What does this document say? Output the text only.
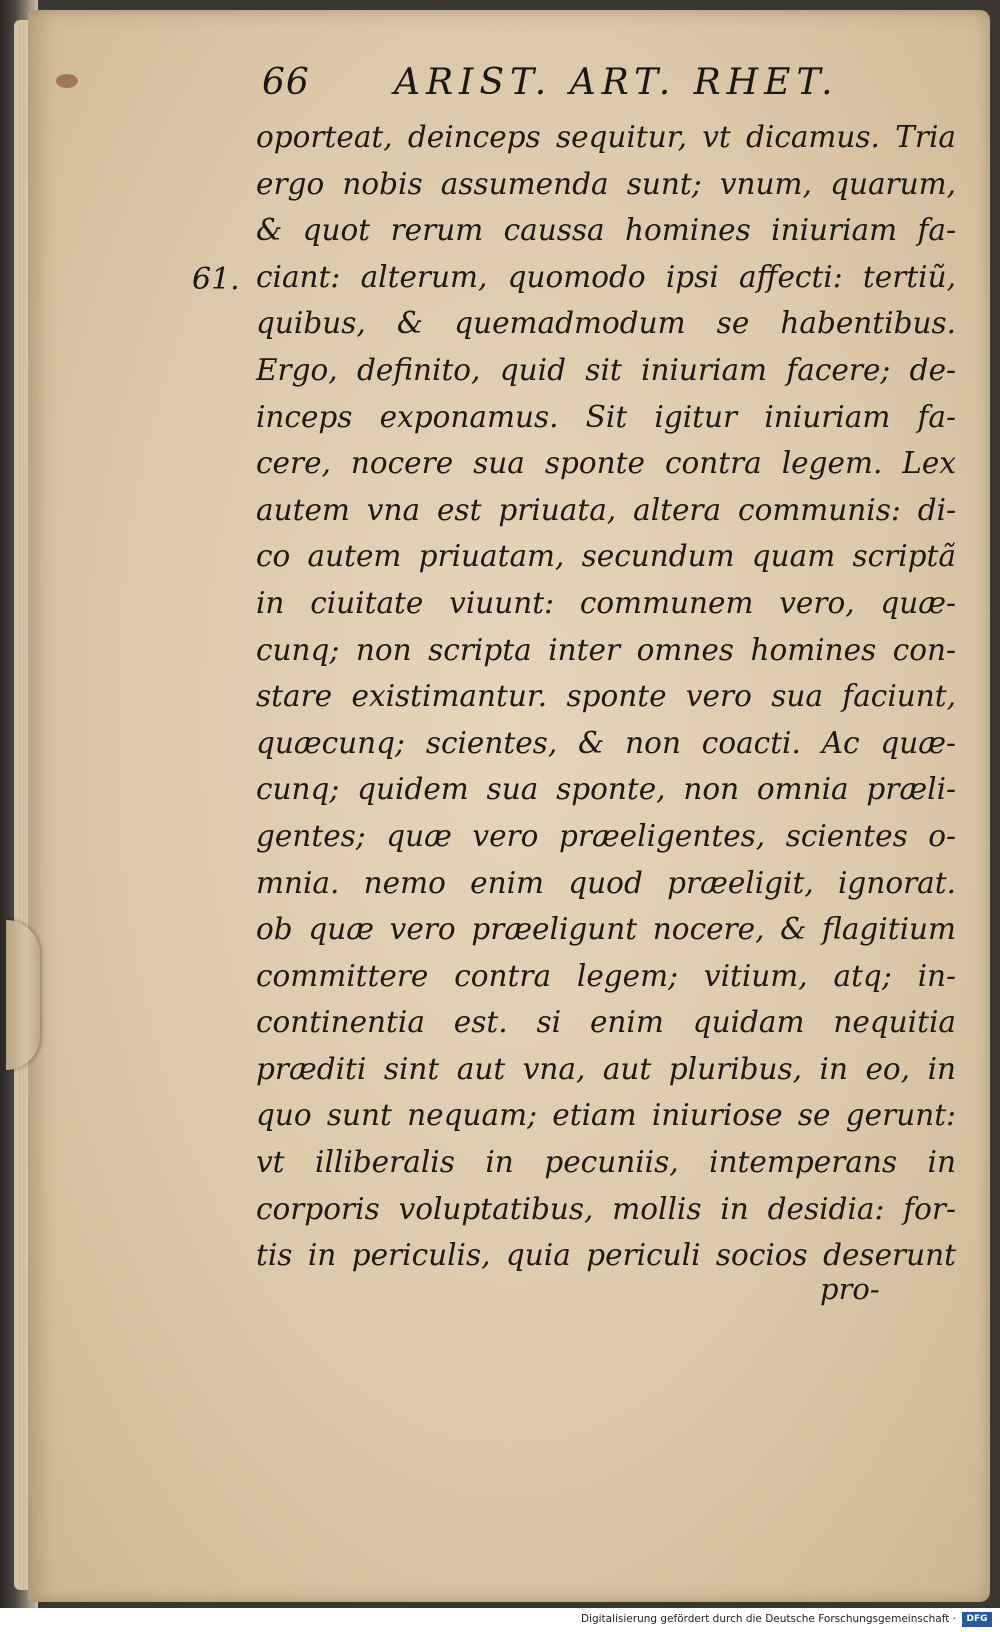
66 ARIST. ART. RHET.
61.
oporteat, deinceps sequitur, vt dicamus. Tria
ergo nobis assumenda sunt; vnum, quarum,
& quot rerum caussa homines iniuriam fa-
ciant: alterum, quomodo ipsi affecti: tertiũ,
quibus, & quemadmodum se habentibus.
Ergo, definito, quid sit iniuriam facere; de-
inceps exponamus. Sit igitur iniuriam fa-
cere, nocere sua sponte contra legem. Lex
autem vna est priuata, altera communis: di-
co autem priuatam, secundum quam scriptã
in ciuitate viuunt: communem vero, quæ-
cunq; non scripta inter omnes homines con-
stare existimantur. sponte vero sua faciunt,
quæcunq; scientes, & non coacti. Ac quæ-
cunq; quidem sua sponte, non omnia præli-
gentes; quæ vero præeligentes, scientes o-
mnia. nemo enim quod præeligit, ignorat.
ob quæ vero præeligunt nocere, & flagitium
committere contra legem; vitium, atq; in-
continentia est. si enim quidam nequitia
præditi sint aut vna, aut pluribus, in eo, in
quo sunt nequam; etiam iniuriose se gerunt:
vt illiberalis in pecuniis, intemperans in
corporis voluptatibus, mollis in desidia: for-
tis in periculis, quia periculi socios deserunt
pro-
Digitalisierung gefördert durch die Deutsche Forschungsgemeinschaft ·	DFG
